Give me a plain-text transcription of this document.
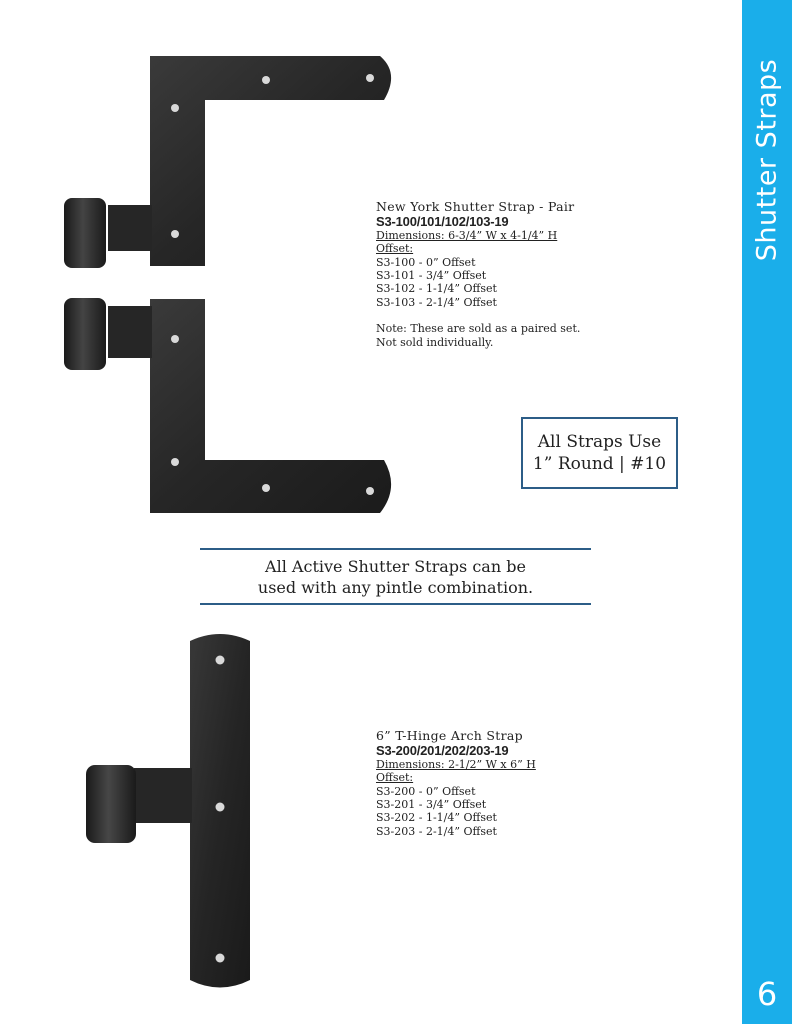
Shutter Straps
6
New York Shutter Strap - Pair
S3-100/101/102/103-19
Dimensions: 6-3/4” W x 4-1/4” H
Offset:
S3-100 - 0” Offset
S3-101 - 3/4” Offset
S3-102 - 1-1/4” Offset
S3-103 - 2-1/4” Offset
Note: These are sold as a paired set.
Not sold individually.
All Straps Use
1” Round | #10
All Active Shutter Straps can be
used with any pintle combination.
6” T-Hinge Arch Strap
S3-200/201/202/203-19
Dimensions: 2-1/2” W x 6” H
Offset:
S3-200 - 0” Offset
S3-201 - 3/4” Offset
S3-202 - 1-1/4” Offset
S3-203 - 2-1/4” Offset
